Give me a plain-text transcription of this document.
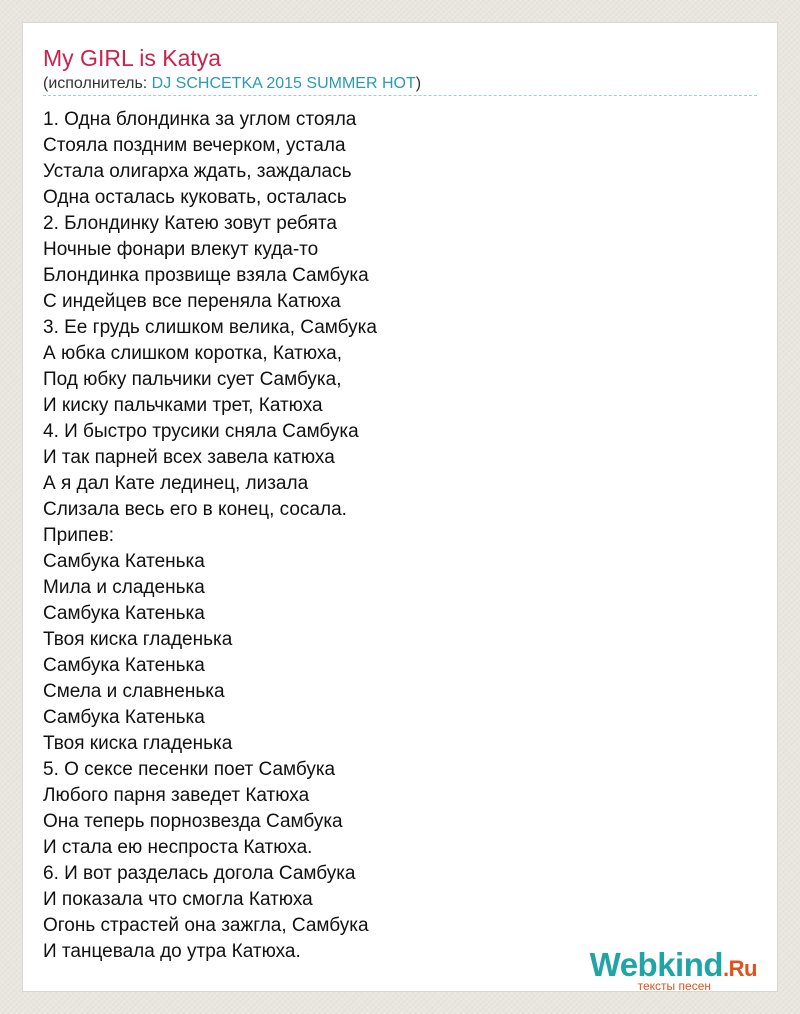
My GIRL is Katya
(исполнитель: DJ SCHCETKA 2015 SUMMER HOT)
1. Одна блондинка за углом стояла
Стояла поздним вечерком, устала
Устала олигарха ждать, заждалась
Одна осталась куковать, осталась
2. Блондинку Катею зовут ребята
Ночные фонари влекут куда-то
Блондинка прозвище взяла Самбука
С индейцев все переняла Катюха
3. Ее грудь слишком велика, Самбука
А юбка слишком коротка, Катюха,
Под юбку пальчики сует Самбука,
И киску пальчками трет, Катюха
4. И быстро трусики сняла Самбука
И так парней всех завела катюха
А я дал Кате лединец, лизала
Слизала весь его в конец, сосала.
Припев:
Самбука Катенька
Мила и сладенька
Самбука Катенька
Твоя киска гладенька
Самбука Катенька
Смела и славненька
Самбука Катенька
Твоя киска гладенька
5. О сексе песенки поет Самбука
Любого парня заведет Катюха
Она теперь порнозвезда Самбука
И стала ею неспроста Катюха.
6. И вот разделась догола Самбука
И показала что смогла Катюха
Огонь страстей она зажгла, Самбука
И танцевала до утра Катюха.	Webkind.Ru
тексты песен
